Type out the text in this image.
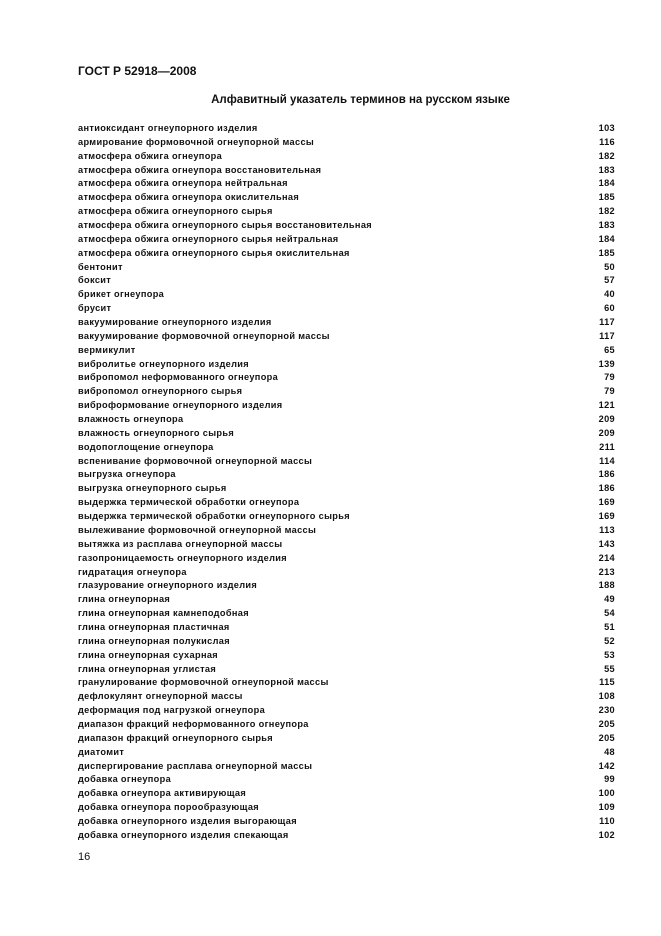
ГОСТ Р 52918—2008
Алфавитный указатель терминов на русском языке
антиоксидант огнеупорного изделия	103
армирование формовочной огнеупорной массы	116
атмосфера обжига огнеупора	182
атмосфера обжига огнеупора восстановительная	183
атмосфера обжига огнеупора нейтральная	184
атмосфера обжига огнеупора окислительная	185
атмосфера обжига огнеупорного сырья	182
атмосфера обжига огнеупорного сырья восстановительная	183
атмосфера обжига огнеупорного сырья нейтральная	184
атмосфера обжига огнеупорного сырья окислительная	185
бентонит	50
боксит	57
брикет огнеупора	40
брусит	60
вакуумирование огнеупорного изделия	117
вакуумирование формовочной огнеупорной массы	117
вермикулит	65
вибролитье огнеупорного изделия	139
вибропомол неформованного огнеупора	79
вибропомол огнеупорного сырья	79
виброформование огнеупорного изделия	121
влажность огнеупора	209
влажность огнеупорного сырья	209
водопоглощение огнеупора	211
вспенивание формовочной огнеупорной массы	114
выгрузка огнеупора	186
выгрузка огнеупорного сырья	186
выдержка термической обработки огнеупора	169
выдержка термической обработки огнеупорного сырья	169
вылеживание формовочной огнеупорной массы	113
вытяжка из расплава огнеупорной массы	143
газопроницаемость огнеупорного изделия	214
гидратация огнеупора	213
глазурование огнеупорного изделия	188
глина огнеупорная	49
глина огнеупорная камнеподобная	54
глина огнеупорная пластичная	51
глина огнеупорная полукислая	52
глина огнеупорная сухарная	53
глина огнеупорная углистая	55
гранулирование формовочной огнеупорной массы	115
дефлокулянт огнеупорной массы	108
деформация под нагрузкой огнеупора	230
диапазон фракций неформованного огнеупора	205
диапазон фракций огнеупорного сырья	205
диатомит	48
диспергирование расплава огнеупорной массы	142
добавка огнеупора	99
добавка огнеупора активирующая	100
добавка огнеупора порообразующая	109
добавка огнеупорного изделия выгорающая	110
добавка огнеупорного изделия спекающая	102
16
